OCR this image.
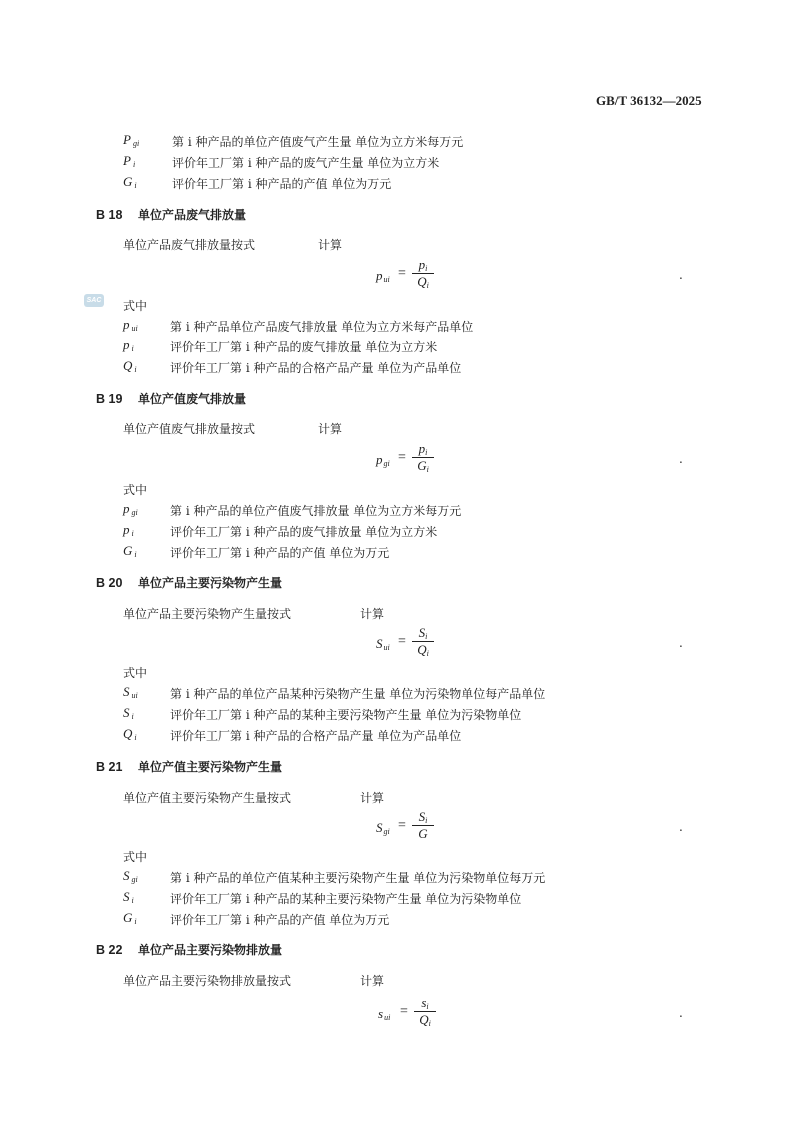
GB/T 36132—2025
P $_{gi}$	第 i 种产品的单位产值废气产生量 单位为立方米每万元
P $_i$	评价年工厂第 i 种产品的废气产生量 单位为立方米
G $_i$	评价年工厂第 i 种产品的产值 单位为万元
B 18 单位产品废气排放量
单位产品废气排放量按式	计算
$p_{ui}$ =
$p_i$
$Q_i$
.
SAC 式中
p $_{ui}$	第 i 种产品单位产品废气排放量 单位为立方米每产品单位
p $_i$	评价年工厂第 i 种产品的废气排放量 单位为立方米
Q $_i$	评价年工厂第 i 种产品的合格产品产量 单位为产品单位
B 19 单位产值废气排放量
单位产值废气排放量按式	计算
$p_{gi}$ =
$p_i$
$G_i$
.
式中
p $_{gi}$	第 i 种产品的单位产值废气排放量 单位为立方米每万元
p $_i$	评价年工厂第 i 种产品的废气排放量 单位为立方米
G $_i$	评价年工厂第 i 种产品的产值 单位为万元
B 20 单位产品主要污染物产生量
单位产品主要污染物产生量按式	计算
$S_{ui}$ =
$S_i$
$Q_i$
.
式中
S $_{ui}$	第 i 种产品的单位产品某种污染物产生量 单位为污染物单位每产品单位
S $_i$	评价年工厂第 i 种产品的某种主要污染物产生量 单位为污染物单位
Q $_i$	评价年工厂第 i 种产品的合格产品产量 单位为产品单位
B 21 单位产值主要污染物产生量
单位产值主要污染物产生量按式	计算
$S_{gi}$ =
$S_i$
G	.
式中
S $_{gi}$	第 i 种产品的单位产值某种主要污染物产生量 单位为污染物单位每万元
S $_i$	评价年工厂第 i 种产品的某种主要污染物产生量 单位为污染物单位
G $_i$	评价年工厂第 i 种产品的产值 单位为万元
B 22 单位产品主要污染物排放量
单位产品主要污染物排放量按式	计算
$s_{ui}$ =
$s_i$
$Q_i$
.
